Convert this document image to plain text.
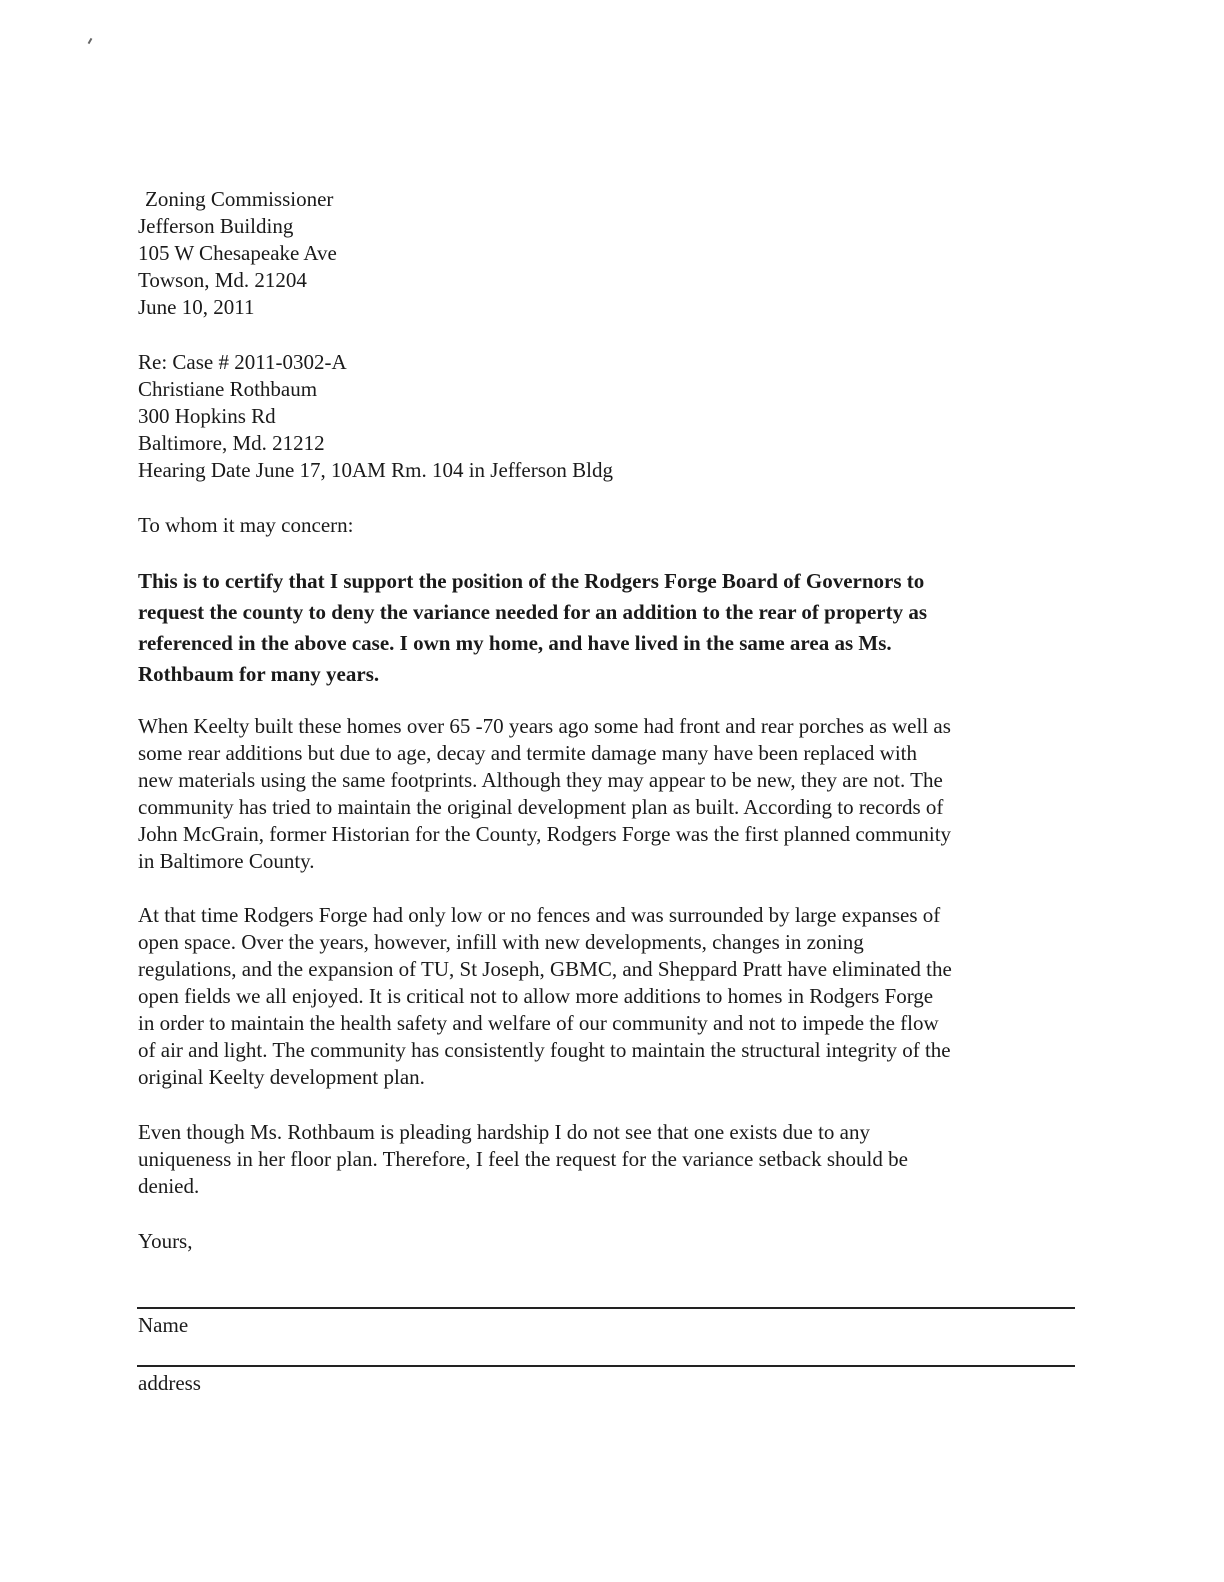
Zoning Commissioner
Jefferson Building
105 W Chesapeake Ave
Towson, Md. 21204
June 10, 2011
Re: Case # 2011-0302-A
Christiane Rothbaum
300 Hopkins Rd
Baltimore, Md. 21212
Hearing Date June 17, 10AM Rm. 104 in Jefferson Bldg
To whom it may concern:
This is to certify that I support the position of the Rodgers Forge Board of Governors to
request the county to deny the variance needed for an addition to the rear of property as
referenced in the above case. I own my home, and have lived in the same area as Ms.
Rothbaum for many years.
When Keelty built these homes over 65 -70 years ago some had front and rear porches as well as
some rear additions but due to age, decay and termite damage many have been replaced with
new materials using the same footprints. Although they may appear to be new, they are not. The
community has tried to maintain the original development plan as built. According to records of
John McGrain, former Historian for the County, Rodgers Forge was the first planned community
in Baltimore County.
At that time Rodgers Forge had only low or no fences and was surrounded by large expanses of
open space. Over the years, however, infill with new developments, changes in zoning
regulations, and the expansion of TU, St Joseph, GBMC, and Sheppard Pratt have eliminated the
open fields we all enjoyed. It is critical not to allow more additions to homes in Rodgers Forge
in order to maintain the health safety and welfare of our community and not to impede the flow
of air and light. The community has consistently fought to maintain the structural integrity of the
original Keelty development plan.
Even though Ms. Rothbaum is pleading hardship I do not see that one exists due to any
uniqueness in her floor plan. Therefore, I feel the request for the variance setback should be
denied.
Yours,
Name
address
